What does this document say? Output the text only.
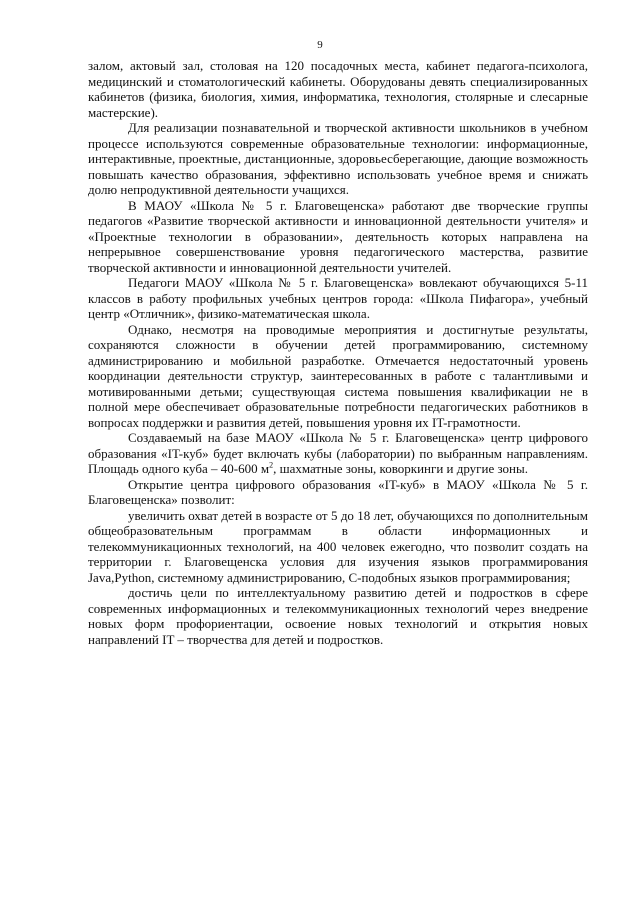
9

залом, актовый зал, столовая на 120 посадочных места, кабинет педагога-психолога, медицинский и стоматологический кабинеты. Оборудованы девять специализированных кабинетов (физика, биология, химия, информатика, технология, столярные и слесарные мастерские).

Для реализации познавательной и творческой активности школьников в учебном процессе используются современные образовательные технологии: информационные, интерактивные, проектные, дистанционные, здоровьесберегающие, дающие возможность повышать качество образования, эффективно использовать учебное время и снижать долю непродуктивной деятельности учащихся.

В МАОУ «Школа № 5 г. Благовещенска» работают две творческие группы педагогов «Развитие творческой активности и инновационной деятельности учителя» и «Проектные технологии в образовании», деятельность которых направлена на непрерывное совершенствование уровня педагогического мастерства, развитие творческой активности и инновационной деятельности учителей.

Педагоги МАОУ «Школа № 5 г. Благовещенска» вовлекают обучающихся 5-11 классов в работу профильных учебных центров города: «Школа Пифагора», учебный центр «Отличник», физико-математическая школа.

Однако, несмотря на проводимые мероприятия и достигнутые результаты, сохраняются сложности в обучении детей программированию, системному администрированию и мобильной разработке. Отмечается недостаточный уровень координации деятельности структур, заинтересованных в работе с талантливыми и мотивированными детьми; существующая система повышения квалификации не в полной мере обеспечивает образовательные потребности педагогических работников в вопросах поддержки и развития детей, повышения уровня их IT-грамотности.

Создаваемый на базе МАОУ «Школа № 5 г. Благовещенска» центр цифрового образования «IT-куб» будет включать кубы (лаборатории) по выбранным направлениям. Площадь одного куба – 40-600 $м^2$, шахматные зоны, коворкинги и другие зоны.

Открытие центра цифрового образования «IT-куб» в МАОУ «Школа № 5 г. Благовещенска» позволит:

увеличить охват детей в возрасте от 5 до 18 лет, обучающихся по дополнительным общеобразовательным программам в области информационных и телекоммуникационных технологий, на 400 человек ежегодно, что позволит создать на территории г. Благовещенска условия для изучения языков программирования Java,Python, системному администрированию, С-подобных языков программирования;

достичь цели по интеллектуальному развитию детей и подростков в сфере современных информационных и телекоммуникационных технологий через внедрение новых форм профориентации, освоение новых технологий и открытия новых направлений IT – творчества для детей и подростков.
